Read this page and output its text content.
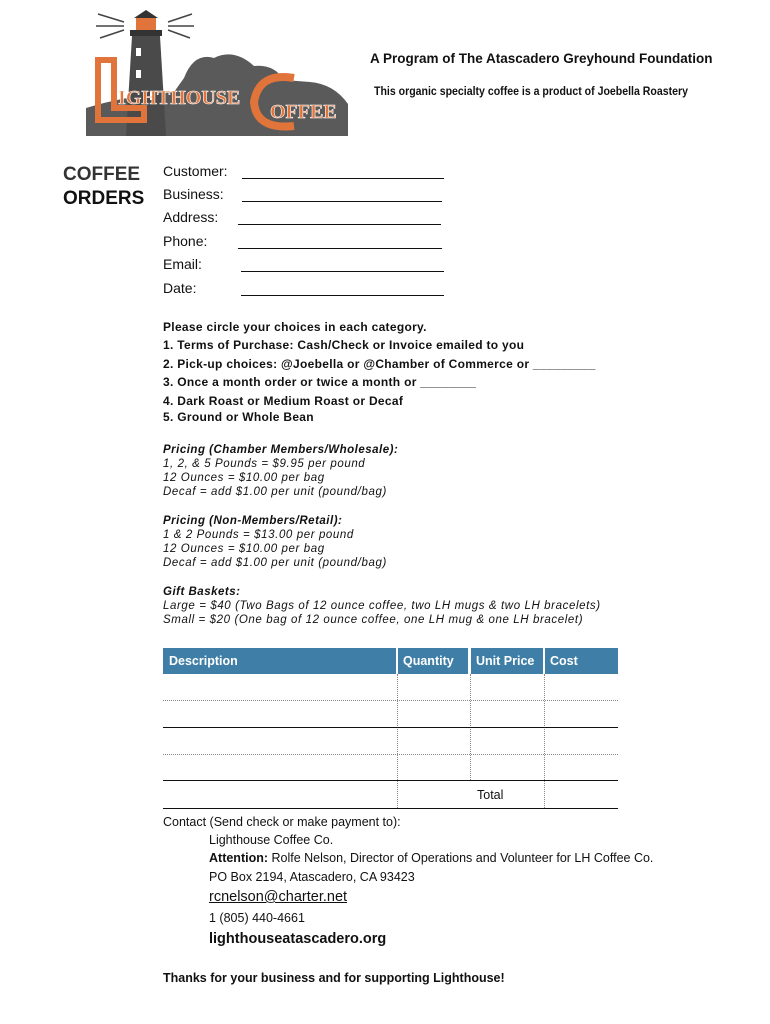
IGHTHOUSE
OFFEE
A Program of The Atascadero Greyhound Foundation
This organic specialty coffee is a product of Joebella Roastery
COFFEE
ORDERS
Customer:
Business:
Address:
Phone:
Email:
Date:
Please circle your choices in each category.
1. Terms of Purchase: Cash/Check or Invoice emailed to you
2. Pick-up choices: @Joebella or @Chamber of Commerce or _________
3. Once a month order or twice a month or ________
4. Dark Roast or Medium Roast or Decaf
5. Ground or Whole Bean
Pricing (Chamber Members/Wholesale):
1, 2, & 5 Pounds = $9.95 per pound
12 Ounces = $10.00 per bag
Decaf = add $1.00 per unit (pound/bag)
Pricing (Non-Members/Retail):
1 & 2 Pounds = $13.00 per pound
12 Ounces = $10.00 per bag
Decaf = add $1.00 per unit (pound/bag)
Gift Baskets:
Large = $40 (Two Bags of 12 ounce coffee, two LH mugs & two LH bracelets)
Small = $20 (One bag of 12 ounce coffee, one LH mug & one LH bracelet)
Description	Quantity Unit Price Cost
Total
Contact (Send check or make payment to):
Lighthouse Coffee Co.
Attention: Rolfe Nelson, Director of Operations and Volunteer for LH Coffee Co.
PO Box 2194, Atascadero, CA 93423
rcnelson@charter.net
1 (805) 440-4661
lighthouseatascadero.org
Thanks for your business and for supporting Lighthouse!
